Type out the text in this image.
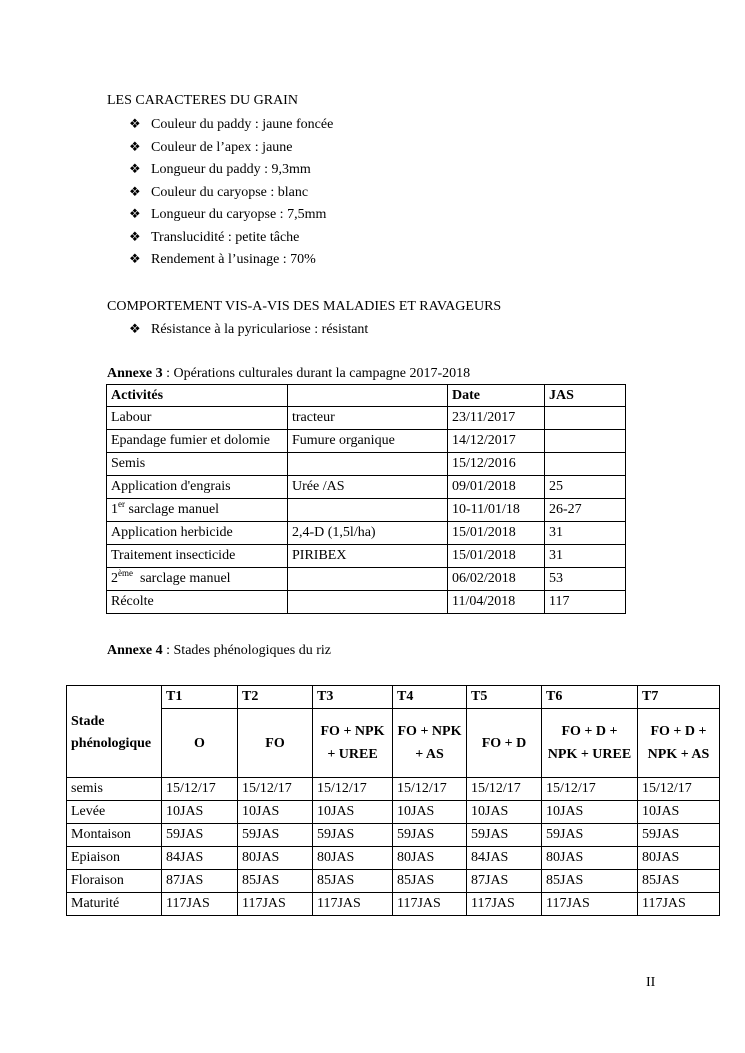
LES CARACTERES DU GRAIN
❖ Couleur du paddy : jaune foncée
❖ Couleur de l’apex : jaune
❖ Longueur du paddy : 9,3mm
❖ Couleur du caryopse : blanc
❖ Longueur du caryopse : 7,5mm
❖ Translucidité : petite tâche
❖ Rendement à l’usinage : 70%
COMPORTEMENT VIS-A-VIS DES MALADIES ET RAVAGEURS
❖ Résistance à la pyriculariose : résistant
Annexe 3 : Opérations culturales durant la campagne 2017-2018
Activités		Date	JAS
Labour	tracteur	23/11/2017	
Epandage fumier et dolomie	Fumure organique	14/12/2017	
Semis		15/12/2016	
Application d'engrais	Urée /AS	09/01/2018	25
1er sarclage manuel		10-11/01/18	26-27
Application herbicide	2,4-D (1,5l/ha)	15/01/2018	31
Traitement insecticide	PIRIBEX	15/01/2018	31
2ème  sarclage manuel		06/02/2018	53
Récolte		11/04/2018	117
Annexe 4 : Stades phénologiques du riz
Stade phénologique	T1	T2	T3	T4	T5	T6	T7
	O	FO	FO + NPK + UREE	FO + NPK + AS	FO + D	FO + D + NPK + UREE	FO + D + NPK + AS
semis	15/12/17	15/12/17	15/12/17	15/12/17	15/12/17	15/12/17	15/12/17
Levée	10JAS	10JAS	10JAS	10JAS	10JAS	10JAS	10JAS
Montaison	59JAS	59JAS	59JAS	59JAS	59JAS	59JAS	59JAS
Epiaison	84JAS	80JAS	80JAS	80JAS	84JAS	80JAS	80JAS
Floraison	87JAS	85JAS	85JAS	85JAS	87JAS	85JAS	85JAS
Maturité	117JAS	117JAS	117JAS	117JAS	117JAS	117JAS	117JAS
II
